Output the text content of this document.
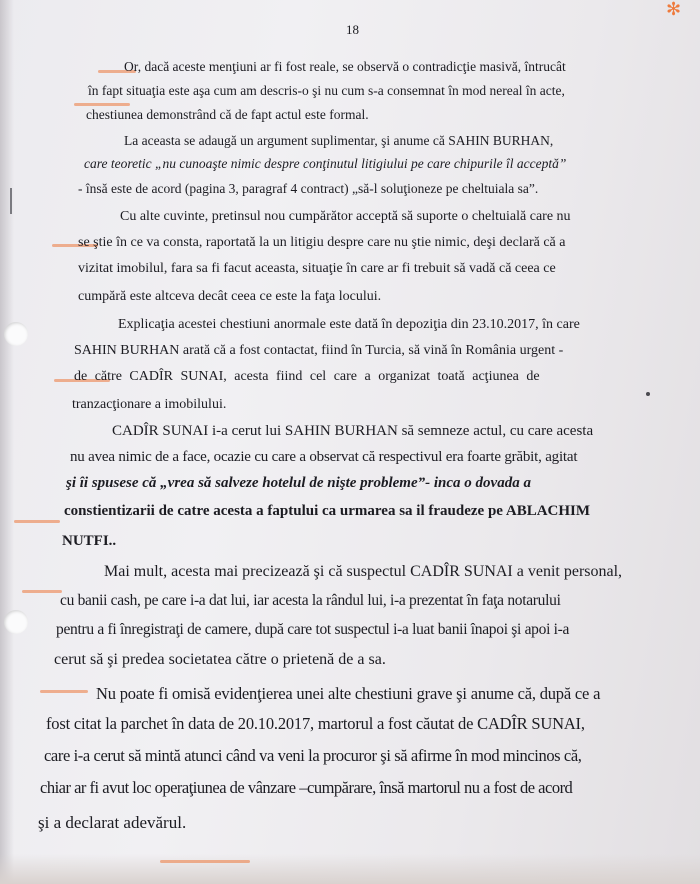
✻
18
Or, dacă aceste menţiuni ar fi fost reale, se observă o contradicţie masivă, întrucât
în fapt situaţia este aşa cum am descris-o şi nu cum s-a consemnat în mod nereal în acte,
chestiunea demonstrând că de fapt actul este formal.
La aceasta se adaugă un argument suplimentar, şi anume că SAHIN BURHAN,
care teoretic „nu cunoaşte nimic despre conţinutul litigiului pe care chipurile îl acceptă”
- însă este de acord (pagina 3, paragraf 4 contract) „să-l soluţioneze pe cheltuiala sa”.
Cu alte cuvinte, pretinsul nou cumpărător acceptă să suporte o cheltuială care nu
se ştie în ce va consta, raportată la un litigiu despre care nu ştie nimic, deşi declară că a
vizitat imobilul, fara sa fi facut aceasta, situaţie în care ar fi trebuit să vadă că ceea ce
cumpără este altceva decât ceea ce este la faţa locului.
Explicaţia acestei chestiuni anormale este dată în depoziţia din 23.10.2017, în care
SAHIN BURHAN arată că a fost contactat, fiind în Turcia, să vină în România urgent -
de către CADÎR SUNAI, acesta fiind cel care a organizat toată acţiunea de
tranzacţionare a imobilului.
CADÎR SUNAI i-a cerut lui SAHIN BURHAN să semneze actul, cu care acesta
nu avea nimic de a face, ocazie cu care a observat că respectivul era foarte grăbit, agitat
şi îi spusese că „vrea să salveze hotelul de nişte probleme”- inca o dovada a
constientizarii de catre acesta a faptului ca urmarea sa il fraudeze pe ABLACHIM
NUTFI..
Mai mult, acesta mai precizează şi că suspectul CADÎR SUNAI a venit personal,
cu banii cash, pe care i-a dat lui, iar acesta la rândul lui, i-a prezentat în faţa notarului
pentru a fi înregistraţi de camere, după care tot suspectul i-a luat banii înapoi şi apoi i-a
cerut să şi predea societatea către o prietenă de a sa.
Nu poate fi omisă evidenţierea unei alte chestiuni grave şi anume că, după ce a
fost citat la parchet în data de 20.10.2017, martorul a fost căutat de CADÎR SUNAI,
care i-a cerut să mintă atunci când va veni la procuror şi să afirme în mod mincinos că,
chiar ar fi avut loc operaţiunea de vânzare –cumpărare, însă martorul nu a fost de acord
şi a declarat adevărul.
